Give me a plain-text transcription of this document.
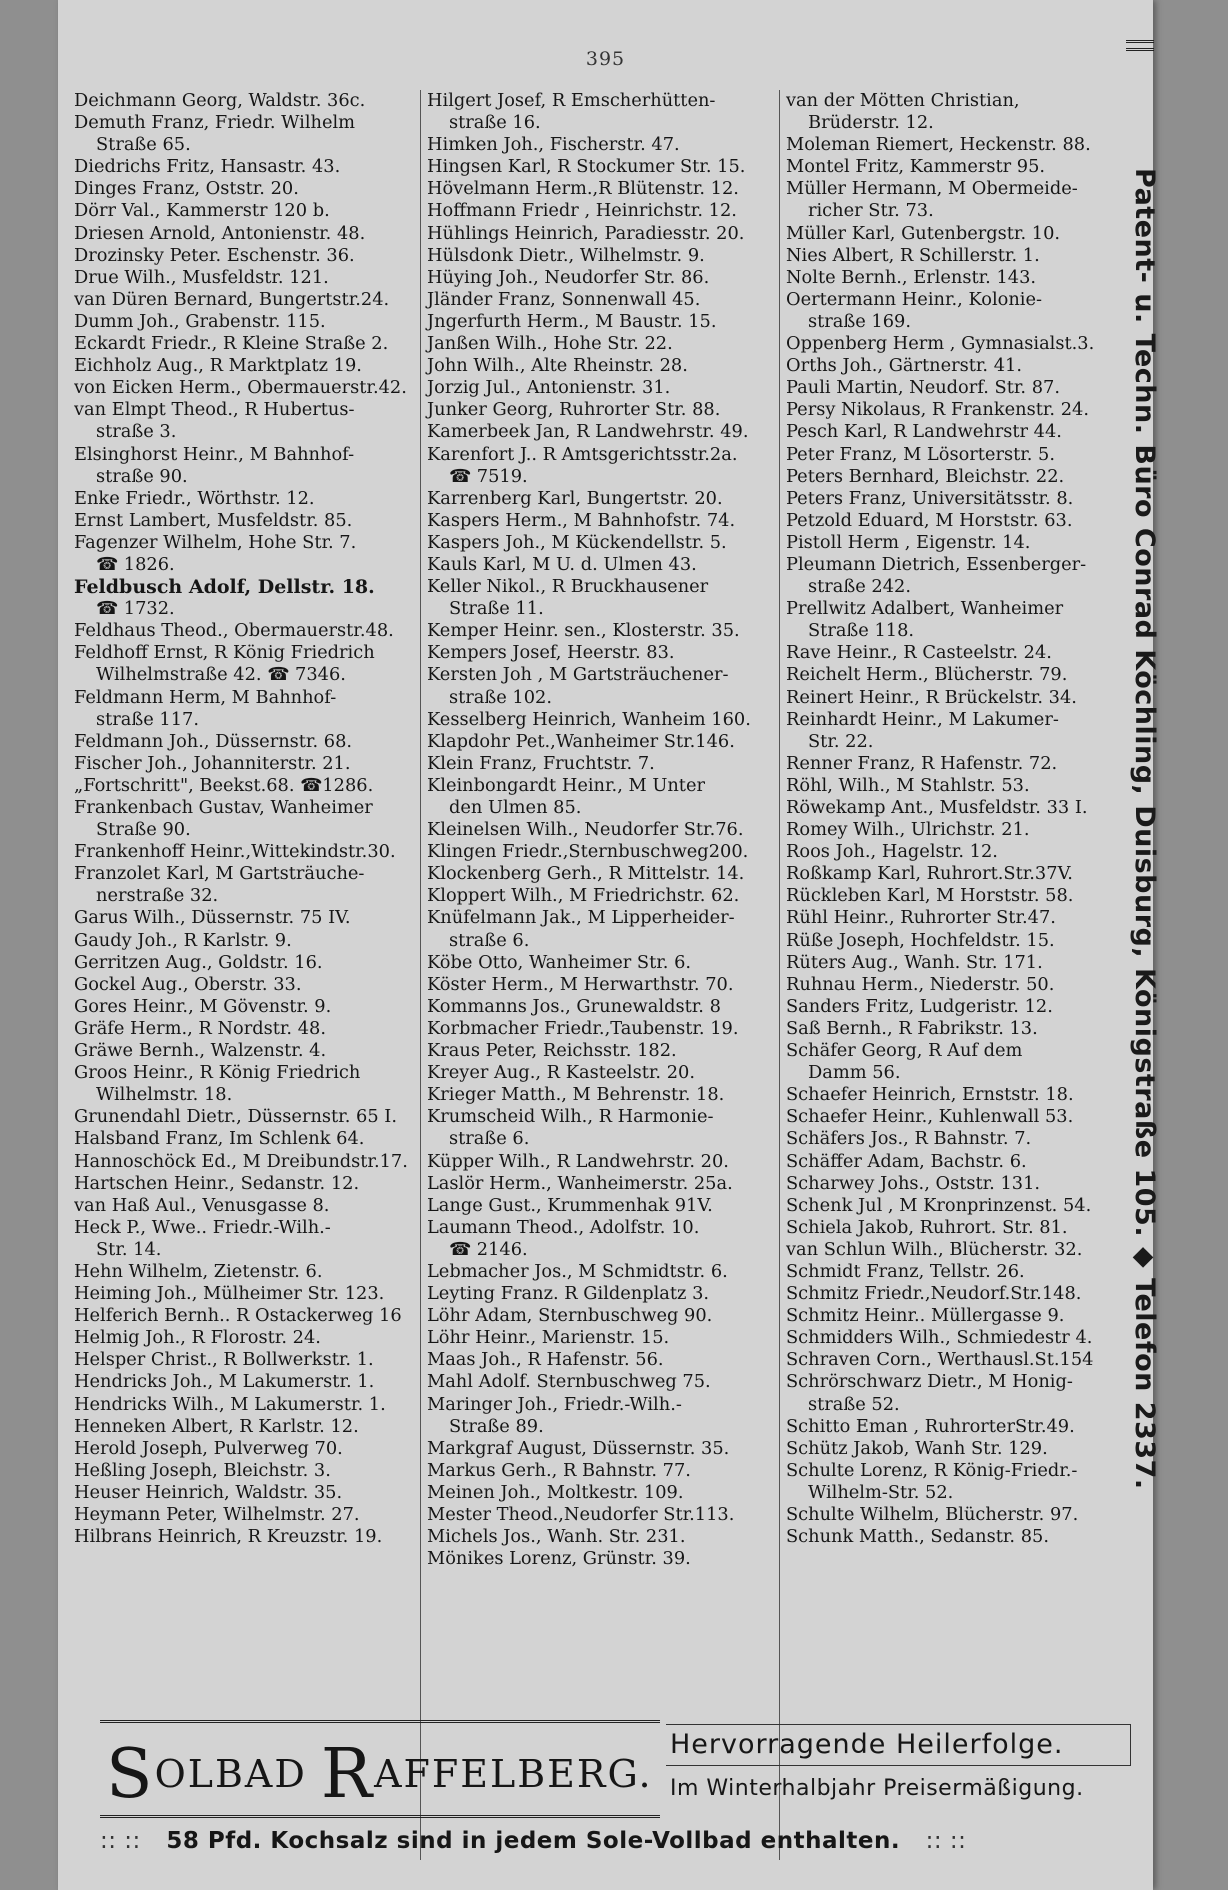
395
Deichmann Georg, Waldstr. 36c.
Demuth Franz, Friedr. Wilhelm
Straße 65.
Diedrichs Fritz, Hansastr. 43.
Dinges Franz, Oststr. 20.
Dörr Val., Kammerstr 120 b.
Driesen Arnold, Antonienstr. 48.
Drozinsky Peter. Eschenstr. 36.
Drue Wilh., Musfeldstr. 121.
van Düren Bernard, Bungertstr.24.
Dumm Joh., Grabenstr. 115.
Eckardt Friedr., R Kleine Straße 2.
Eichholz Aug., R Marktplatz 19.
von Eicken Herm., Obermauerstr.42.
van Elmpt Theod., R Hubertus-
straße 3.
Elsinghorst Heinr., M Bahnhof-
straße 90.
Enke Friedr., Wörthstr. 12.
Ernst Lambert, Musfeldstr. 85.
Fagenzer Wilhelm, Hohe Str. 7.
☎ 1826.
Feldbusch Adolf, Dellstr. 18.
☎ 1732.
Feldhaus Theod., Obermauerstr.48.
Feldhoff Ernst, R König Friedrich
Wilhelmstraße 42. ☎ 7346.
Feldmann Herm, M Bahnhof-
straße 117.
Feldmann Joh., Düssernstr. 68.
Fischer Joh., Johanniterstr. 21.
„Fortschritt", Beekst.68. ☎1286.
Frankenbach Gustav, Wanheimer
Straße 90.
Frankenhoff Heinr.,Wittekindstr.30.
Franzolet Karl, M Gartsträuche-
nerstraße 32.
Garus Wilh., Düssernstr. 75 IV.
Gaudy Joh., R Karlstr. 9.
Gerritzen Aug., Goldstr. 16.
Gockel Aug., Oberstr. 33.
Gores Heinr., M Gövenstr. 9.
Gräfe Herm., R Nordstr. 48.
Gräwe Bernh., Walzenstr. 4.
Groos Heinr., R König Friedrich
Wilhelmstr. 18.
Grunendahl Dietr., Düssernstr. 65 I.
Halsband Franz, Im Schlenk 64.
Hannoschöck Ed., M Dreibundstr.17.
Hartschen Heinr., Sedanstr. 12.
van Haß Aul., Venusgasse 8.
Heck P., Wwe.. Friedr.-Wilh.-
Str. 14.
Hehn Wilhelm, Zietenstr. 6.
Heiming Joh., Mülheimer Str. 123.
Helferich Bernh.. R Ostackerweg 16
Helmig Joh., R Florostr. 24.
Helsper Christ., R Bollwerkstr. 1.
Hendricks Joh., M Lakumerstr. 1.
Hendricks Wilh., M Lakumerstr. 1.
Henneken Albert, R Karlstr. 12.
Herold Joseph, Pulverweg 70.
Heßling Joseph, Bleichstr. 3.
Heuser Heinrich, Waldstr. 35.
Heymann Peter, Wilhelmstr. 27.
Hilbrans Heinrich, R Kreuzstr. 19.
Hilgert Josef, R Emscherhütten-
straße 16.
Himken Joh., Fischerstr. 47.
Hingsen Karl, R Stockumer Str. 15.
Hövelmann Herm.,R Blütenstr. 12.
Hoffmann Friedr , Heinrichstr. 12.
Hühlings Heinrich, Paradiesstr. 20.
Hülsdonk Dietr., Wilhelmstr. 9.
Hüying Joh., Neudorfer Str. 86.
Jländer Franz, Sonnenwall 45.
Jngerfurth Herm., M Baustr. 15.
Janßen Wilh., Hohe Str. 22.
John Wilh., Alte Rheinstr. 28.
Jorzig Jul., Antonienstr. 31.
Junker Georg, Ruhrorter Str. 88.
Kamerbeek Jan, R Landwehrstr. 49.
Karenfort J.. R Amtsgerichtsstr.2a.
☎ 7519.
Karrenberg Karl, Bungertstr. 20.
Kaspers Herm., M Bahnhofstr. 74.
Kaspers Joh., M Kückendellstr. 5.
Kauls Karl, M U. d. Ulmen 43.
Keller Nikol., R Bruckhausener
Straße 11.
Kemper Heinr. sen., Klosterstr. 35.
Kempers Josef, Heerstr. 83.
Kersten Joh , M Gartsträuchener-
straße 102.
Kesselberg Heinrich, Wanheim 160.
Klapdohr Pet.,Wanheimer Str.146.
Klein Franz, Fruchtstr. 7.
Kleinbongardt Heinr., M Unter
den Ulmen 85.
Kleinelsen Wilh., Neudorfer Str.76.
Klingen Friedr.,Sternbuschweg200.
Klockenberg Gerh., R Mittelstr. 14.
Kloppert Wilh., M Friedrichstr. 62.
Knüfelmann Jak., M Lipperheider-
straße 6.
Köbe Otto, Wanheimer Str. 6.
Köster Herm., M Herwarthstr. 70.
Kommanns Jos., Grunewaldstr. 8
Korbmacher Friedr.,Taubenstr. 19.
Kraus Peter, Reichsstr. 182.
Kreyer Aug., R Kasteelstr. 20.
Krieger Matth., M Behrenstr. 18.
Krumscheid Wilh., R Harmonie-
straße 6.
Küpper Wilh., R Landwehrstr. 20.
Laslör Herm., Wanheimerstr. 25a.
Lange Gust., Krummenhak 91V.
Laumann Theod., Adolfstr. 10.
☎ 2146.
Lebmacher Jos., M Schmidtstr. 6.
Leyting Franz. R Gildenplatz 3.
Löhr Adam, Sternbuschweg 90.
Löhr Heinr., Marienstr. 15.
Maas Joh., R Hafenstr. 56.
Mahl Adolf. Sternbuschweg 75.
Maringer Joh., Friedr.-Wilh.-
Straße 89.
Markgraf August, Düssernstr. 35.
Markus Gerh., R Bahnstr. 77.
Meinen Joh., Moltkestr. 109.
Mester Theod.,Neudorfer Str.113.
Michels Jos., Wanh. Str. 231.
Mönikes Lorenz, Grünstr. 39.
van der Mötten Christian,
Brüderstr. 12.
Moleman Riemert, Heckenstr. 88.
Montel Fritz, Kammerstr 95.
Müller Hermann, M Obermeide-
richer Str. 73.
Müller Karl, Gutenbergstr. 10.
Nies Albert, R Schillerstr. 1.
Nolte Bernh., Erlenstr. 143.
Oertermann Heinr., Kolonie-
straße 169.
Oppenberg Herm , Gymnasialst.3.
Orths Joh., Gärtnerstr. 41.
Pauli Martin, Neudorf. Str. 87.
Persy Nikolaus, R Frankenstr. 24.
Pesch Karl, R Landwehrstr 44.
Peter Franz, M Lösorterstr. 5.
Peters Bernhard, Bleichstr. 22.
Peters Franz, Universitätsstr. 8.
Petzold Eduard, M Horststr. 63.
Pistoll Herm , Eigenstr. 14.
Pleumann Dietrich, Essenberger-
straße 242.
Prellwitz Adalbert, Wanheimer
Straße 118.
Rave Heinr., R Casteelstr. 24.
Reichelt Herm., Blücherstr. 79.
Reinert Heinr., R Brückelstr. 34.
Reinhardt Heinr., M Lakumer-
Str. 22.
Renner Franz, R Hafenstr. 72.
Röhl, Wilh., M Stahlstr. 53.
Röwekamp Ant., Musfeldstr. 33 I.
Romey Wilh., Ulrichstr. 21.
Roos Joh., Hagelstr. 12.
Roßkamp Karl, Ruhrort.Str.37V.
Rückleben Karl, M Horststr. 58.
Rühl Heinr., Ruhrorter Str.47.
Rüße Joseph, Hochfeldstr. 15.
Rüters Aug., Wanh. Str. 171.
Ruhnau Herm., Niederstr. 50.
Sanders Fritz, Ludgeristr. 12.
Saß Bernh., R Fabrikstr. 13.
Schäfer Georg, R Auf dem
Damm 56.
Schaefer Heinrich, Ernststr. 18.
Schaefer Heinr., Kuhlenwall 53.
Schäfers Jos., R Bahnstr. 7.
Schäffer Adam, Bachstr. 6.
Scharwey Johs., Oststr. 131.
Schenk Jul , M Kronprinzenst. 54.
Schiela Jakob, Ruhrort. Str. 81.
van Schlun Wilh., Blücherstr. 32.
Schmidt Franz, Tellstr. 26.
Schmitz Friedr.,Neudorf.Str.148.
Schmitz Heinr.. Müllergasse 9.
Schmidders Wilh., Schmiedestr 4.
Schraven Corn., Werthausl.St.154
Schrörschwarz Dietr., M Honig-
straße 52.
Schitto Eman , RuhrorterStr.49.
Schütz Jakob, Wanh Str. 129.
Schulte Lorenz, R König-Friedr.-
Wilhelm-Str. 52.
Schulte Wilhelm, Blücherstr. 97.
Schunk Matth., Sedanstr. 85.
Patent- u. Techn. Büro Conrad Köchling, Duisburg, Königstraße 105. ◆ Telefon 2337.
SOLBAD RAFFELBERG.
Hervorragende Heilerfolge.
Im Winterhalbjahr Preisermäßigung.
:: :: 58 Pfd. Kochsalz sind in jedem Sole-Vollbad enthalten. :: ::
